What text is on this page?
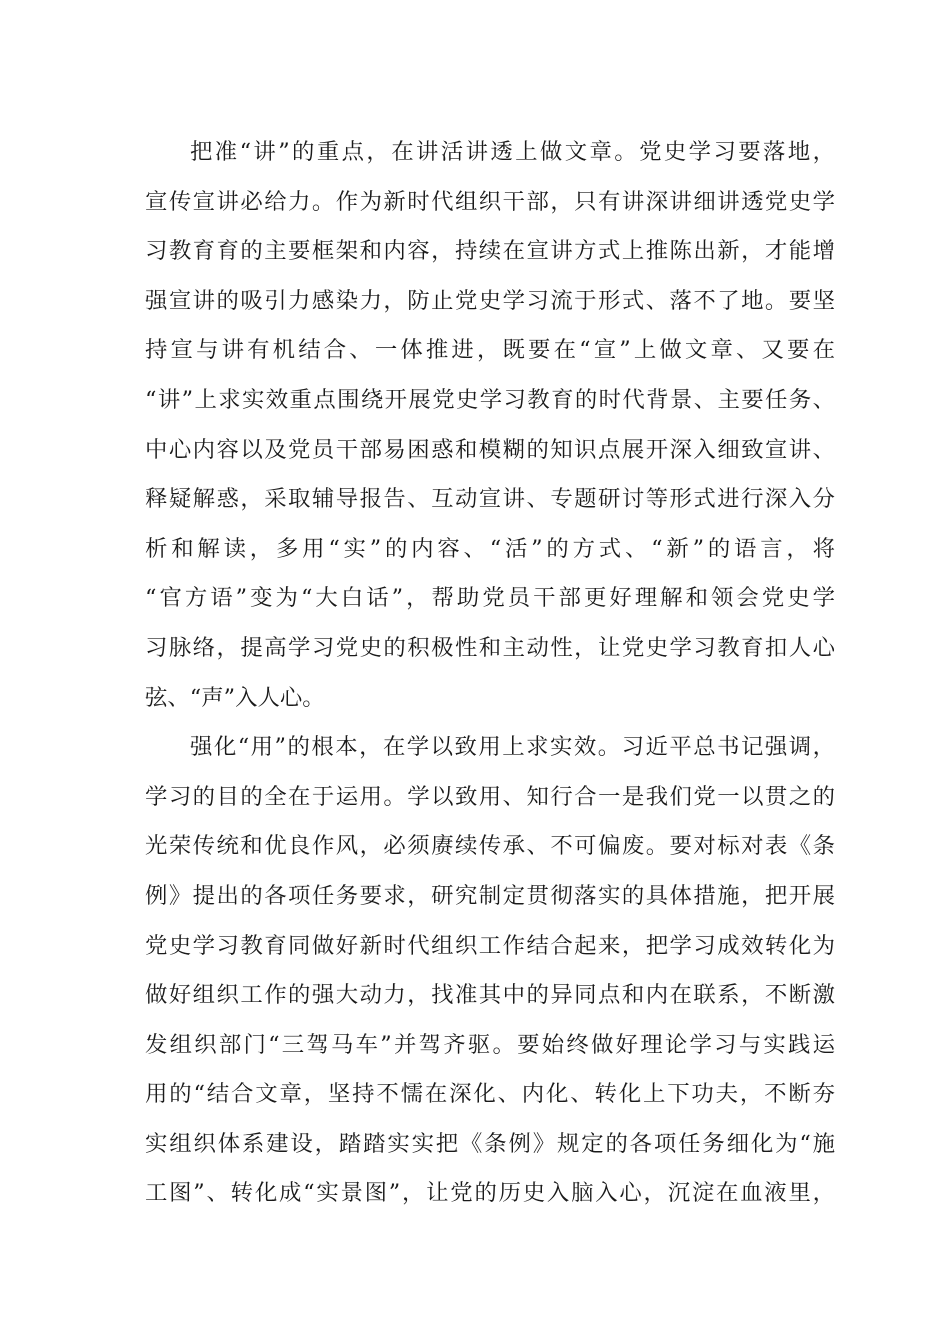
把准“讲”的重点，在讲活讲透上做文章。党史学习要落地，
宣传宣讲必给力。作为新时代组织干部，只有讲深讲细讲透党史学
习教育育的主要框架和内容，持续在宣讲方式上推陈出新，才能增
强宣讲的吸引力感染力，防止党史学习流于形式、落不了地。要坚
持宣与讲有机结合、一体推进，既要在“宣”上做文章、又要在
“讲”上求实效重点围绕开展党史学习教育的时代背景、主要任务、
中心内容以及党员干部易困惑和模糊的知识点展开深入细致宣讲、
释疑解惑，采取辅导报告、互动宣讲、专题研讨等形式进行深入分
析和解读，多用“实”的内容、“活”的方式、“新”的语言，将
“官方语”变为“大白话”，帮助党员干部更好理解和领会党史学
习脉络，提高学习党史的积极性和主动性，让党史学习教育扣人心
弦、“声”入人心。
强化“用”的根本，在学以致用上求实效。习近平总书记强调，
学习的目的全在于运用。学以致用、知行合一是我们党一以贯之的
光荣传统和优良作风，必须赓续传承、不可偏废。要对标对表《条
例》提出的各项任务要求，研究制定贯彻落实的具体措施，把开展
党史学习教育同做好新时代组织工作结合起来，把学习成效转化为
做好组织工作的强大动力，找准其中的异同点和内在联系，不断激
发组织部门“三驾马车”并驾齐驱。要始终做好理论学习与实践运
用的“结合文章，坚持不懦在深化、内化、转化上下功夫，不断夯
实组织体系建设，踏踏实实把《条例》规定的各项任务细化为“施
工图”、转化成“实景图”，让党的历史入脑入心，沉淀在血液里，
